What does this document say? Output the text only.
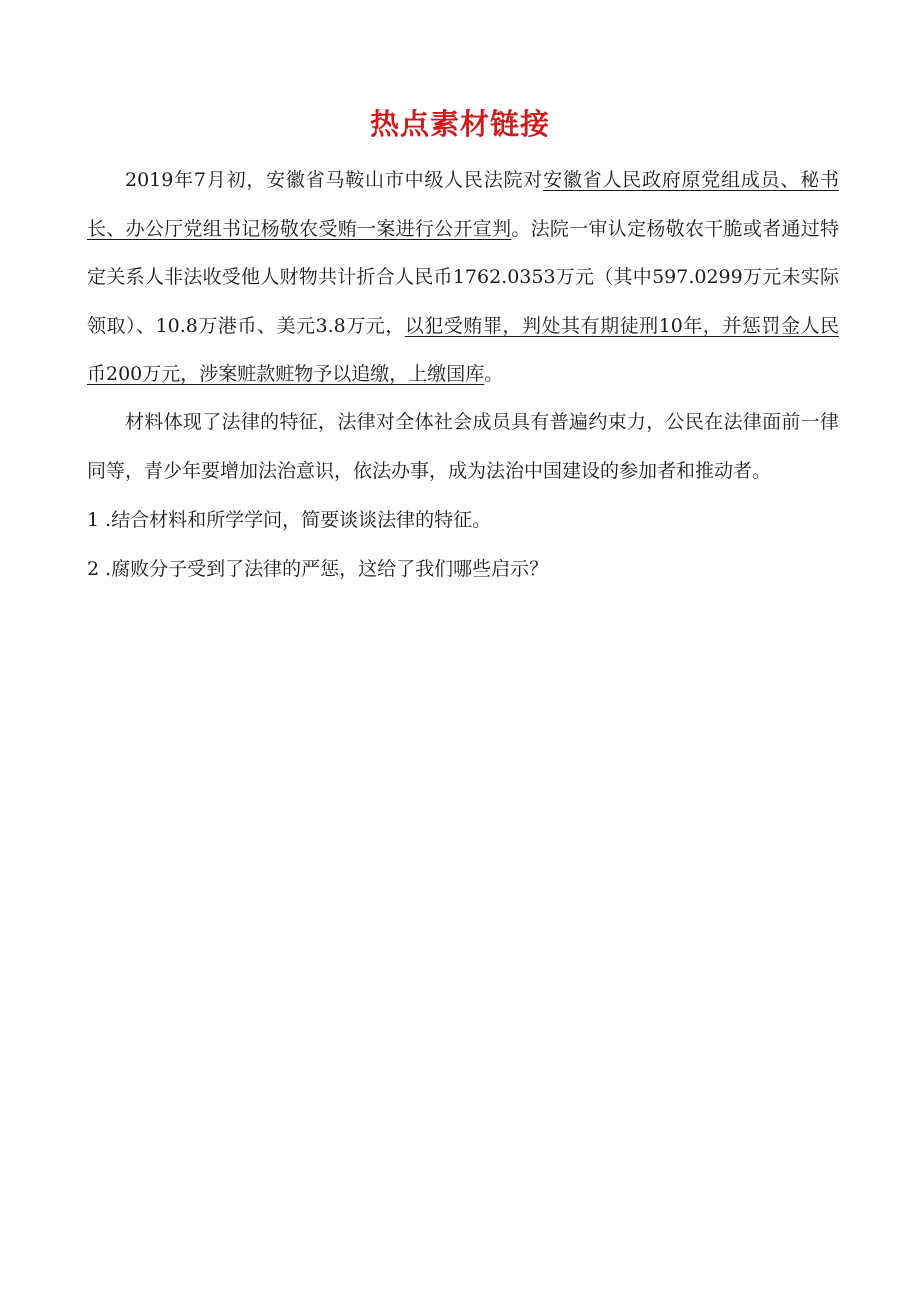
热点素材链接

2019年7月初，安徽省马鞍山市中级人民法院对安徽省人民政府原党组成员、秘书长、办公厅党组书记杨敬农受贿一案进行公开宣判。法院一审认定杨敬农干脆或者通过特定关系人非法收受他人财物共计折合人民币1762.0353万元（其中597.0299万元未实际领取）、10.8万港币、美元3.8万元，以犯受贿罪，判处其有期徒刑10年，并惩罚金人民币200万元，涉案赃款赃物予以追缴，上缴国库。

材料体现了法律的特征，法律对全体社会成员具有普遍约束力，公民在法律面前一律同等，青少年要增加法治意识，依法办事，成为法治中国建设的参加者和推动者。

1 .结合材料和所学学问，简要谈谈法律的特征。
2 .腐败分子受到了法律的严惩，这给了我们哪些启示？
